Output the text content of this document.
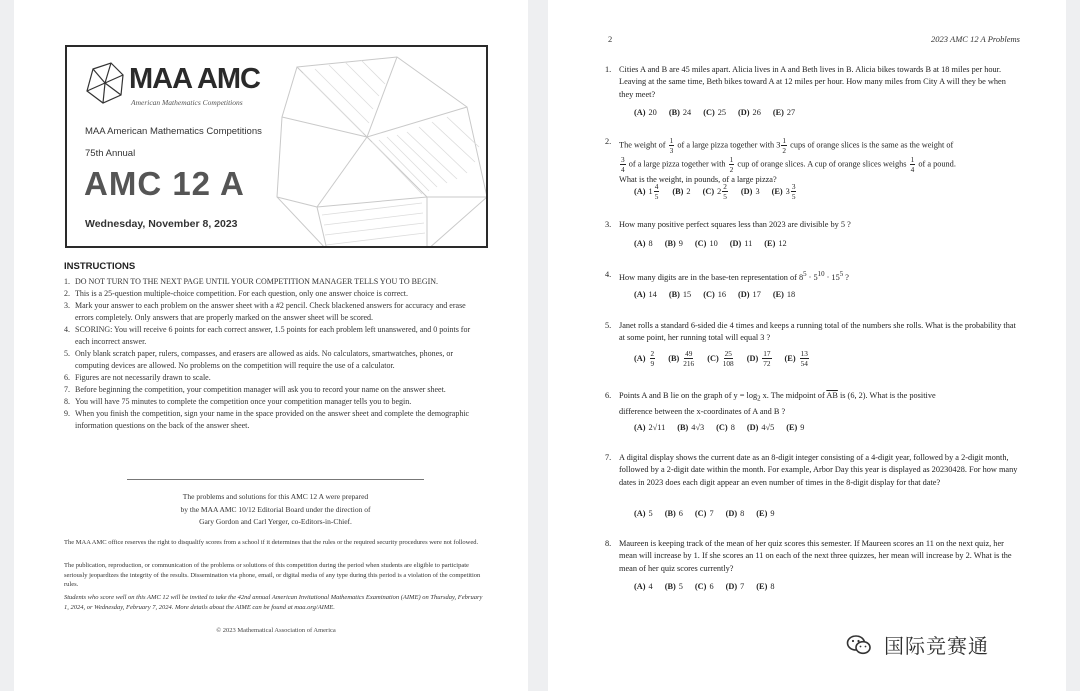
MAA AMC
American Mathematics Competitions
MAA American Mathematics Competitions
75th Annual
AMC 12 A
Wednesday, November 8, 2023
INSTRUCTIONS
1. DO NOT TURN TO THE NEXT PAGE UNTIL YOUR COMPETITION MANAGER TELLS YOU TO BEGIN.
2. This is a 25-question multiple-choice competition. For each question, only one answer choice is correct.
3. Mark your answer to each problem on the answer sheet with a #2 pencil. Check blackened answers for accuracy and erase errors completely. Only answers that are properly marked on the answer sheet will be scored.
4. SCORING: You will receive 6 points for each correct answer, 1.5 points for each problem left unanswered, and 0 points for each incorrect answer.
5. Only blank scratch paper, rulers, compasses, and erasers are allowed as aids. No calculators, smartwatches, phones, or computing devices are allowed. No problems on the competition will require the use of a calculator.
6. Figures are not necessarily drawn to scale.
7. Before beginning the competition, your competition manager will ask you to record your name on the answer sheet.
8. You will have 75 minutes to complete the competition once your competition manager tells you to begin.
9. When you finish the competition, sign your name in the space provided on the answer sheet and complete the demographic information questions on the back of the answer sheet.
The problems and solutions for this AMC 12 A were prepared
by the MAA AMC 10/12 Editorial Board under the direction of
Gary Gordon and Carl Yerger, co-Editors-in-Chief.
The MAA AMC office reserves the right to disqualify scores from a school if it determines that the rules or the required security procedures were not followed.
The publication, reproduction, or communication of the problems or solutions of this competition during the period when students are eligible to participate seriously jeopardizes the integrity of the results. Dissemination via phone, email, or digital media of any type during this period is a violation of the competition rules.
Students who score well on this AMC 12 will be invited to take the 42nd annual American Invitational Mathematics Examination (AIME) on Thursday, February 1, 2024, or Wednesday, February 7, 2024. More details about the AIME can be found at maa.org/AIME.
© 2023 Mathematical Association of America
2	2023 AMC 12 A Problems
1. Cities A and B are 45 miles apart. Alicia lives in A and Beth lives in B. Alicia bikes towards B at 18 miles per hour. Leaving at the same time, Beth bikes toward A at 12 miles per hour. How many miles from City A will they be when they meet?
(A) 20 (B) 24 (C) 25 (D) 26 (E) 27
2. The weight of $\frac{1}{3}$ of a large pizza together with $3 \frac{1}{2}$ cups of orange slices is the same as the weight of
$\frac{3}{4}$ of a large pizza together with $\frac{1}{2}$ cup of orange slices. A cup of orange slices weighs $\frac{1}{4}$ of a pound.
What is the weight, in pounds, of a large pizza?
(A) $1 \frac{4}{5} (B)$ 2 (C) $2 \frac{2}{5} (D)$ 3 (E) $3 \frac{3}{5}$
3. How many positive perfect squares less than 2023 are divisible by 5 ?
(A) 8 (B) 9 (C) 10 (D) 11 (E) 12
4. How many digits are in the base-ten representation of $8^5 \cdot 5^{10} \cdot 15^5$ ?
(A) 14 (B) 15 (C) 16 (D) 17 (E) 18
5. Janet rolls a standard 6-sided die 4 times and keeps a running total of the numbers she rolls. What is the probability that at some point, her running total will equal 3 ?
$(A) \frac{2}{9} (B) \frac{49}{216} (C) \frac{25}{108} (D) \frac{17}{72} (E) \frac{13}{54}$
6. Points A and B lie on the graph of $y = \log_2 x$. The midpoint of $\overline{AB}$ is (6, 2). What is the positive
difference between the x-coordinates of A and B ?
(A) 2√11 (B) 4√3 (C) 8 (D) 4√5 (E) 9
7. A digital display shows the current date as an 8-digit integer consisting of a 4-digit year, followed by a 2-digit month, followed by a 2-digit date within the month. For example, Arbor Day this year is displayed as 20230428. For how many dates in 2023 does each digit appear an even number of times in the 8-digit display for that date?
(A) 5 (B) 6 (C) 7 (D) 8 (E) 9
8. Maureen is keeping track of the mean of her quiz scores this semester. If Maureen scores an 11 on the next quiz, her mean will increase by 1. If she scores an 11 on each of the next three quizzes, her mean will increase by 2. What is the mean of her quiz scores currently?
(A) 4 (B) 5 (C) 6 (D) 7 (E) 8
国际竞赛通
